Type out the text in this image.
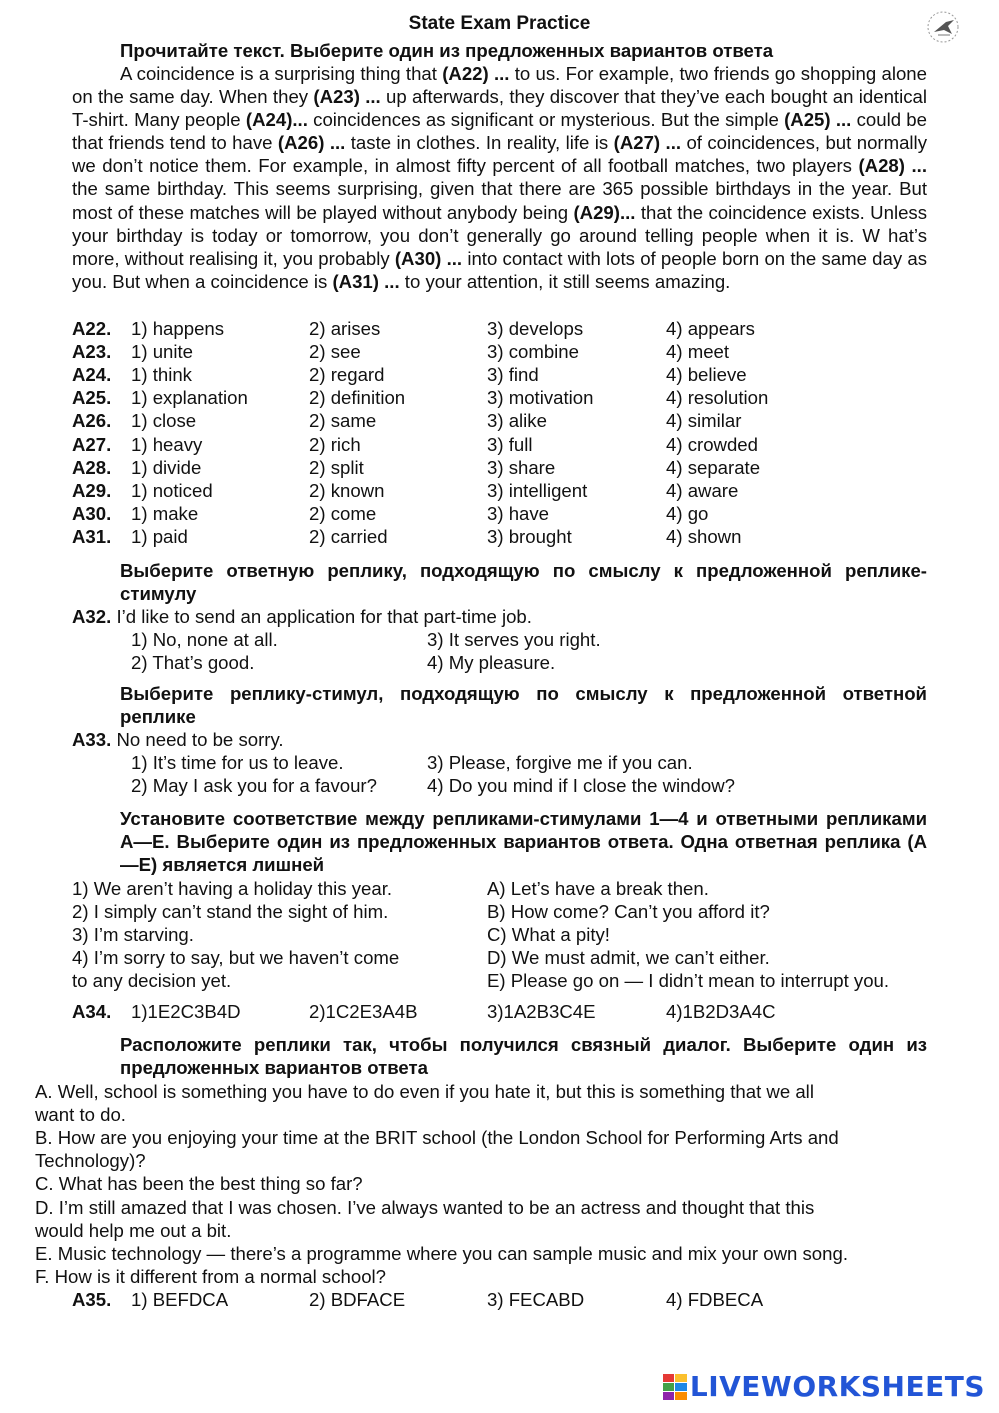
State Exam Practice
Прочитайте текст. Выберите один из предложенных вариантов ответа
A coincidence is a surprising thing that (A22) ... to us. For example, two friends go shopping alone on the same day. When they (A23) ... up afterwards, they discover that they’ve each bought an identical T-shirt. Many people (A24)... coincidences as significant or mysterious. But the simple (A25) ... could be that friends tend to have (A26) ... taste in clothes. In reality, life is (A27) ... of coincidences, but normally we don’t notice them. For example, in almost fifty percent of all football matches, two players (A28) ... the same birthday. This seems surprising, given that there are 365 possible birthdays in the year. But most of these matches will be played without anybody being (A29)... that the coincidence exists. Unless your birthday is today or tomorrow, you don’t generally go around telling people when it is. W hat’s more, without realising it, you probably (A30) ... into contact with lots of people born on the same day as you. But when a coincidence is (A31) ... to your attention, it still seems amazing.
A22. 1) happens	2) arises	3) develops	4) appears
A23. 1) unite	2) see	3) combine	4) meet
A24. 1) think	2) regard	3) find	4) believe
A25. 1) explanation	2) definition	3) motivation	4) resolution
A26. 1) close	2) same	3) alike	4) similar
A27. 1) heavy	2) rich	3) full	4) crowded
A28. 1) divide	2) split	3) share	4) separate
A29. 1) noticed	2) known	3) intelligent	4) aware
A30. 1) make	2) come	3) have	4) go
A31. 1) paid	2) carried	3) brought	4) shown
Выберите ответную реплику, подходящую по смыслу к предложенной реплике-стимулу
A32. I’d like to send an application for that part-time job.
1) No, none at all.	3) It serves you right.
2) That’s good.	4) My pleasure.
Выберите реплику-стимул, подходящую по смыслу к предложенной ответной реплике
A33. No need to be sorry.
1) It’s time for us to leave.	3) Please, forgive me if you can.
2) May I ask you for a favour?	4) Do you mind if I close the window?
Установите соответствие между репликами-стимулами 1—4 и ответными репликами А—Е. Выберите один из предложенных вариантов ответа. Одна ответная реплика (А—Е) является лишней
1) We aren’t having a holiday this year.
2) I simply can’t stand the sight of him.
3) I’m starving.
4) I’m sorry to say, but we haven’t come
to any decision yet.
A) Let’s have a break then.
B) How come? Can’t you afford it?
C) What a pity!
D) We must admit, we can’t either.
E) Please go on — I didn’t mean to interrupt you.
A34. 1)1E2C3B4D	2)1C2E3A4B	3)1A2B3C4E	4)1B2D3A4C
Расположите реплики так, чтобы получился связный диалог. Выберите один из предложенных вариантов ответа
A. Well, school is something you have to do even if you hate it, but this is something that we all
want to do.
B. How are you enjoying your time at the BRIT school (the London School for Performing Arts and
Technology)?
C. What has been the best thing so far?
D. I’m still amazed that I was chosen. I’ve always wanted to be an actress and thought that this
would help me out a bit.
E. Music technology — there’s a programme where you can sample music and mix your own song.
F. How is it different from a normal school?
A35. 1) BEFDCA	2) BDFACE	3) FECABD	4) FDBECA
LIVEWORKSHEETS
